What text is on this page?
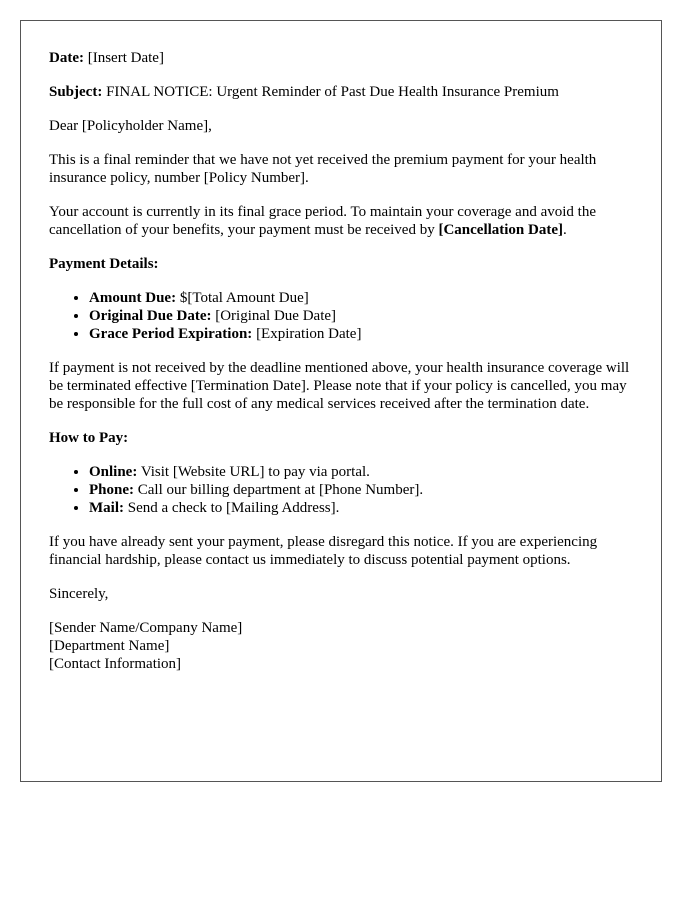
Date: [Insert Date]

Subject: FINAL NOTICE: Urgent Reminder of Past Due Health Insurance Premium

Dear [Policyholder Name],

This is a final reminder that we have not yet received the premium payment for your health insurance policy, number [Policy Number].

Your account is currently in its final grace period. To maintain your coverage and avoid the cancellation of your benefits, your payment must be received by [Cancellation Date].

Payment Details:

• Amount Due: $[Total Amount Due]
• Original Due Date: [Original Due Date]
• Grace Period Expiration: [Expiration Date]

If payment is not received by the deadline mentioned above, your health insurance coverage will be terminated effective [Termination Date]. Please note that if your policy is cancelled, you may be responsible for the full cost of any medical services received after the termination date.

How to Pay:

• Online: Visit [Website URL] to pay via portal.
• Phone: Call our billing department at [Phone Number].
• Mail: Send a check to [Mailing Address].

If you have already sent your payment, please disregard this notice. If you are experiencing financial hardship, please contact us immediately to discuss potential payment options.

Sincerely,

[Sender Name/Company Name]
[Department Name]
[Contact Information]
